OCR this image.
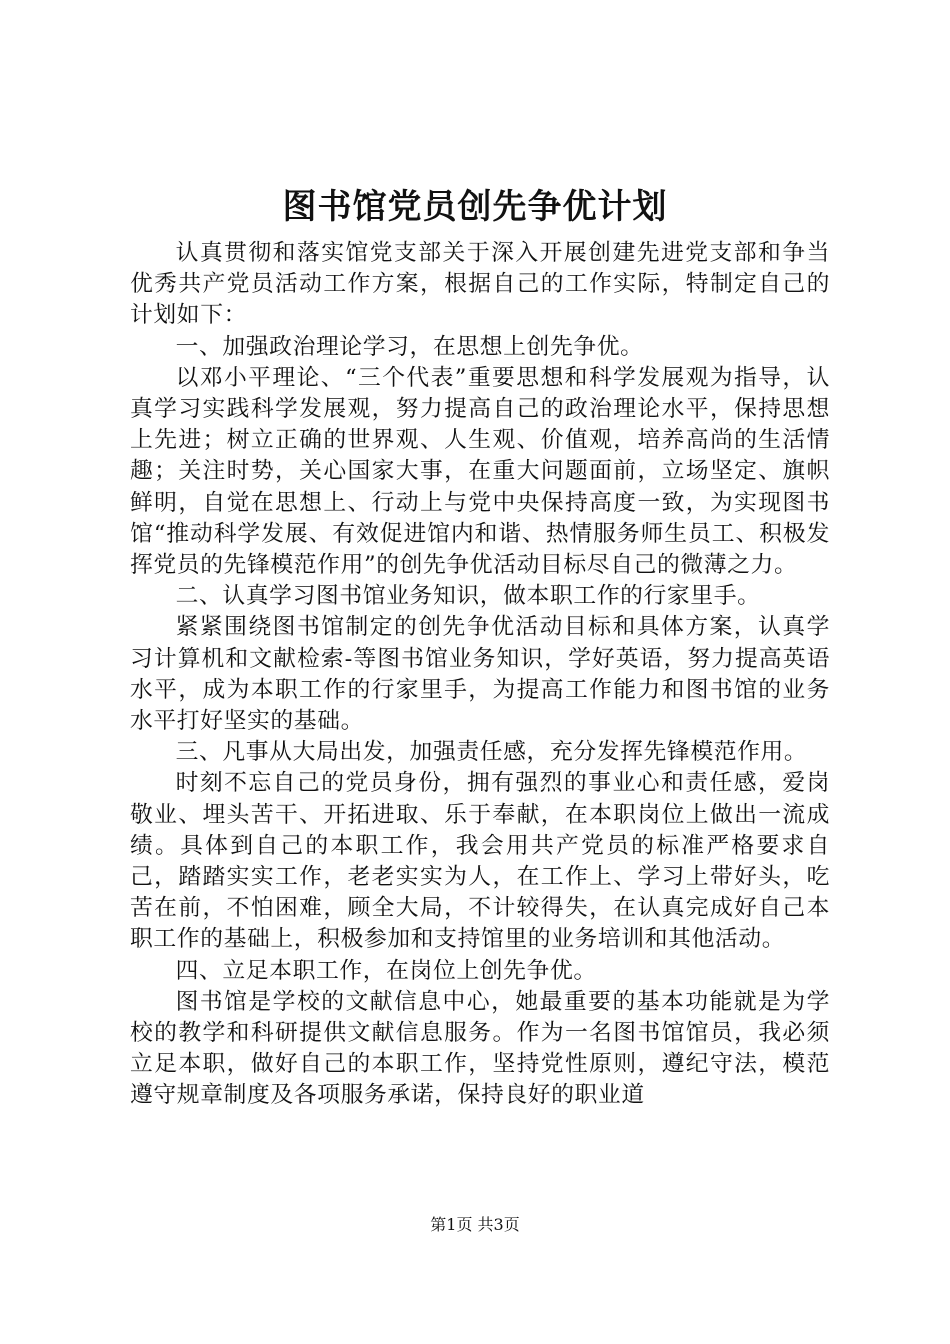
图书馆党员创先争优计划

认真贯彻和落实馆党支部关于深入开展创建先进党支部和争当优秀共产党员活动工作方案，根据自己的工作实际，特制定自己的计划如下：

一、加强政治理论学习，在思想上创先争优。

以邓小平理论、“三个代表”重要思想和科学发展观为指导，认真学习实践科学发展观，努力提高自己的政治理论水平，保持思想上先进；树立正确的世界观、人生观、价值观，培养高尚的生活情趣；关注时势，关心国家大事，在重大问题面前，立场坚定、旗帜鲜明，自觉在思想上、行动上与党中央保持高度一致，为实现图书馆“推动科学发展、有效促进馆内和谐、热情服务师生员工、积极发挥党员的先锋模范作用”的创先争优活动目标尽自己的微薄之力。

二、认真学习图书馆业务知识，做本职工作的行家里手。

紧紧围绕图书馆制定的创先争优活动目标和具体方案，认真学习计算机和文献检索-等图书馆业务知识，学好英语，努力提高英语水平，成为本职工作的行家里手，为提高工作能力和图书馆的业务水平打好坚实的基础。

三、凡事从大局出发，加强责任感，充分发挥先锋模范作用。

时刻不忘自己的党员身份，拥有强烈的事业心和责任感，爱岗敬业、埋头苦干、开拓进取、乐于奉献，在本职岗位上做出一流成绩。具体到自己的本职工作，我会用共产党员的标准严格要求自己，踏踏实实工作，老老实实为人，在工作上、学习上带好头，吃苦在前，不怕困难，顾全大局，不计较得失，在认真完成好自己本职工作的基础上，积极参加和支持馆里的业务培训和其他活动。

四、立足本职工作，在岗位上创先争优。

图书馆是学校的文献信息中心，她最重要的基本功能就是为学校的教学和科研提供文献信息服务。作为一名图书馆馆员，我必须立足本职，做好自己的本职工作，坚持党性原则，遵纪守法，模范遵守规章制度及各项服务承诺，保持良好的职业道

第1页 共3页
